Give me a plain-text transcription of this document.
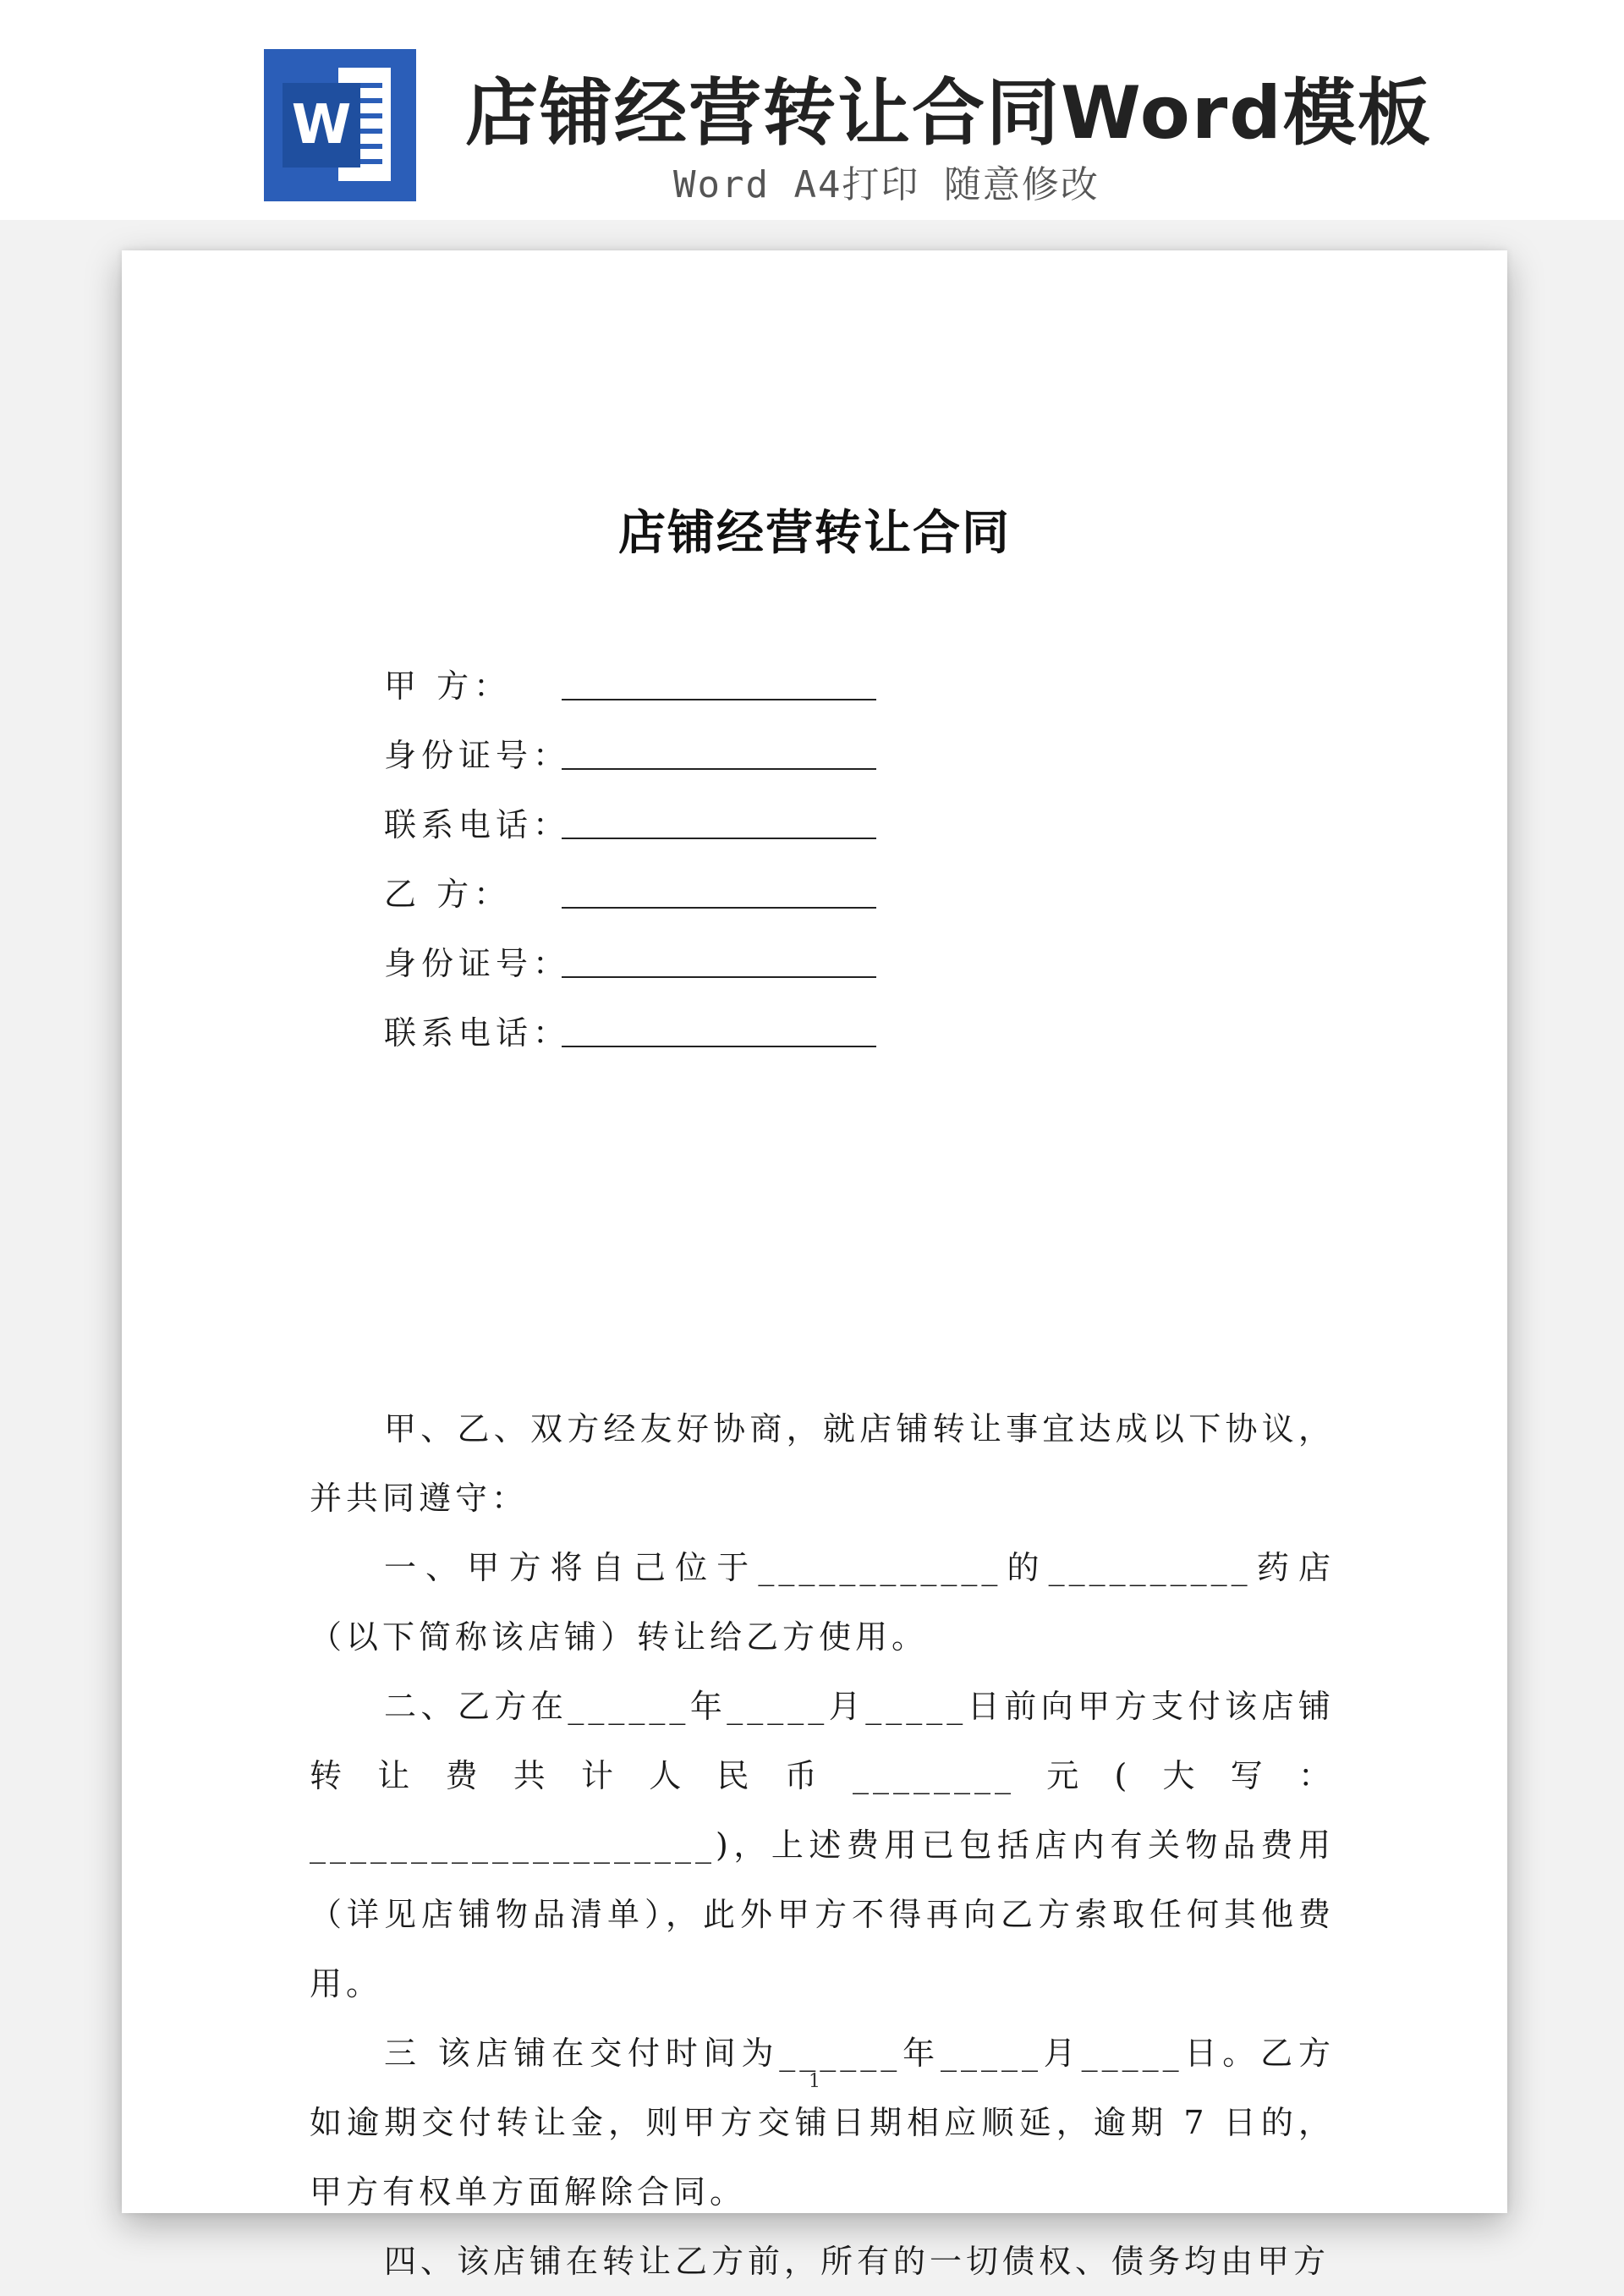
W 店铺经营转让合同Word模板
Word A4打印 随意修改
店铺经营转让合同
甲 方：
身份证号：
联系电话：
乙 方：
身份证号：
联系电话：

甲、乙、双方经友好协商，就店铺转让事宜达成以下协议，并共同遵守：

一、甲方将自己位于____________的__________药店（以下简称该店铺）转让给乙方使用。

二、乙方在______年_____月_____日前向甲方支付该店铺转让费共计人民币________元(大写：____________________)，上述费用已包括店内有关物品费用（详见店铺物品清单），此外甲方不得再向乙方索取任何其他费用。

三 该店铺在交付时间为______年_____月_____日。乙方如逾期交付转让金，则甲方交铺日期相应顺延，逾期 7 日的，甲方有权单方面解除合同。

四、该店铺在转让乙方前，所有的一切债权、债务均由甲方

1
